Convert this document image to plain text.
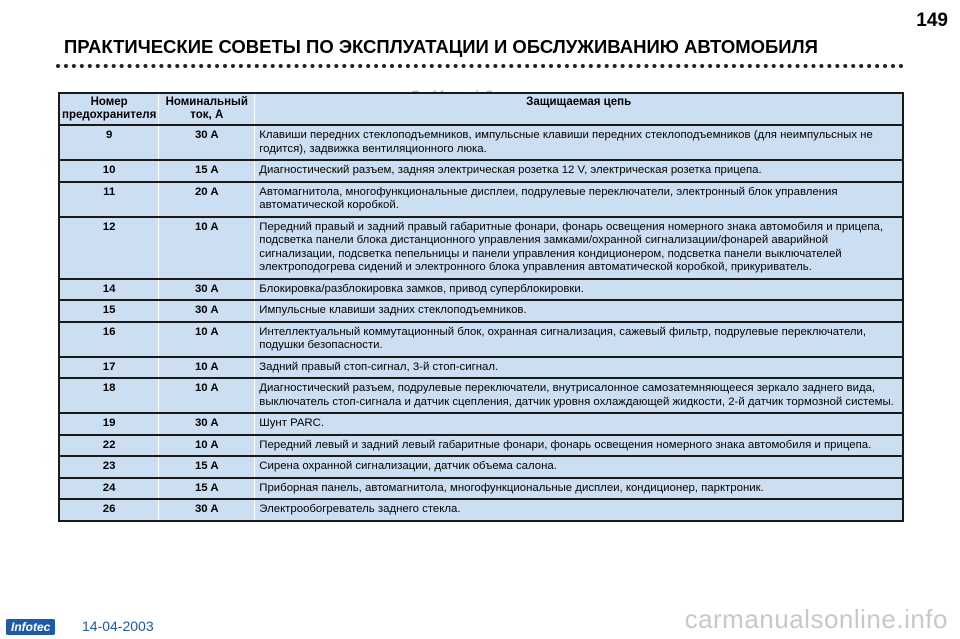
149
ПРАКТИЧЕСКИЕ СОВЕТЫ ПО ЭКСПЛУАТАЦИИ И ОБСЛУЖИВАНИЮ АВТОМОБИЛЯ
Номер предохранителя	Номинальный ток, А	Защищаемая цепь
9	30 A	Клавиши передних стеклоподъемников, импульсные клавиши передних стеклоподъемников (для неимпульсных не годится), задвижка вентиляционного люка.
10	15 A	Диагностический разъем, задняя электрическая розетка 12 V, электрическая розетка прицепа.
11	20 A	Автомагнитола, многофункциональные дисплеи, подрулевые переключатели, электронный блок управления автоматической коробкой.
12	10 A	Передний правый и задний правый габаритные фонари, фонарь освещения номерного знака автомобиля и прицепа, подсветка панели блока дистанционного управления замками/охранной сигнализации/фонарей аварийной сигнализации, подсветка пепельницы и панели управления кондиционером, подсветка панели выключателей электроподогрева сидений и электронного блока управления автоматической коробкой, прикуриватель.
14	30 A	Блокировка/разблокировка замков, привод суперблокировки.
15	30 A	Импульсные клавиши задних стеклоподъемников.
16	10 A	Интеллектуальный коммутационный блок, охранная сигнализация, сажевый фильтр, подрулевые переключатели, подушки безопасности.
17	10 A	Задний правый стоп-сигнал, 3-й стоп-сигнал.
18	10 A	Диагностический разъем, подрулевые переключатели, внутрисалонное самозатемняющееся зеркало заднего вида, выключатель стоп-сигнала и датчик сцепления, датчик уровня охлаждающей жидкости, 2-й датчик тормозной системы.
19	30 A	Шунт PARC.
22	10 A	Передний левый и задний левый габаритные фонари, фонарь освещения номерного знака автомобиля и прицепа.
23	15 A	Сирена охранной сигнализации, датчик объема салона.
24	15 A	Приборная панель, автомагнитола, многофункциональные дисплеи, кондиционер, парктроник.
26	30 A	Электрообогреватель заднего стекла.
Infotec	14-04-2003	carmanualsonline.info
